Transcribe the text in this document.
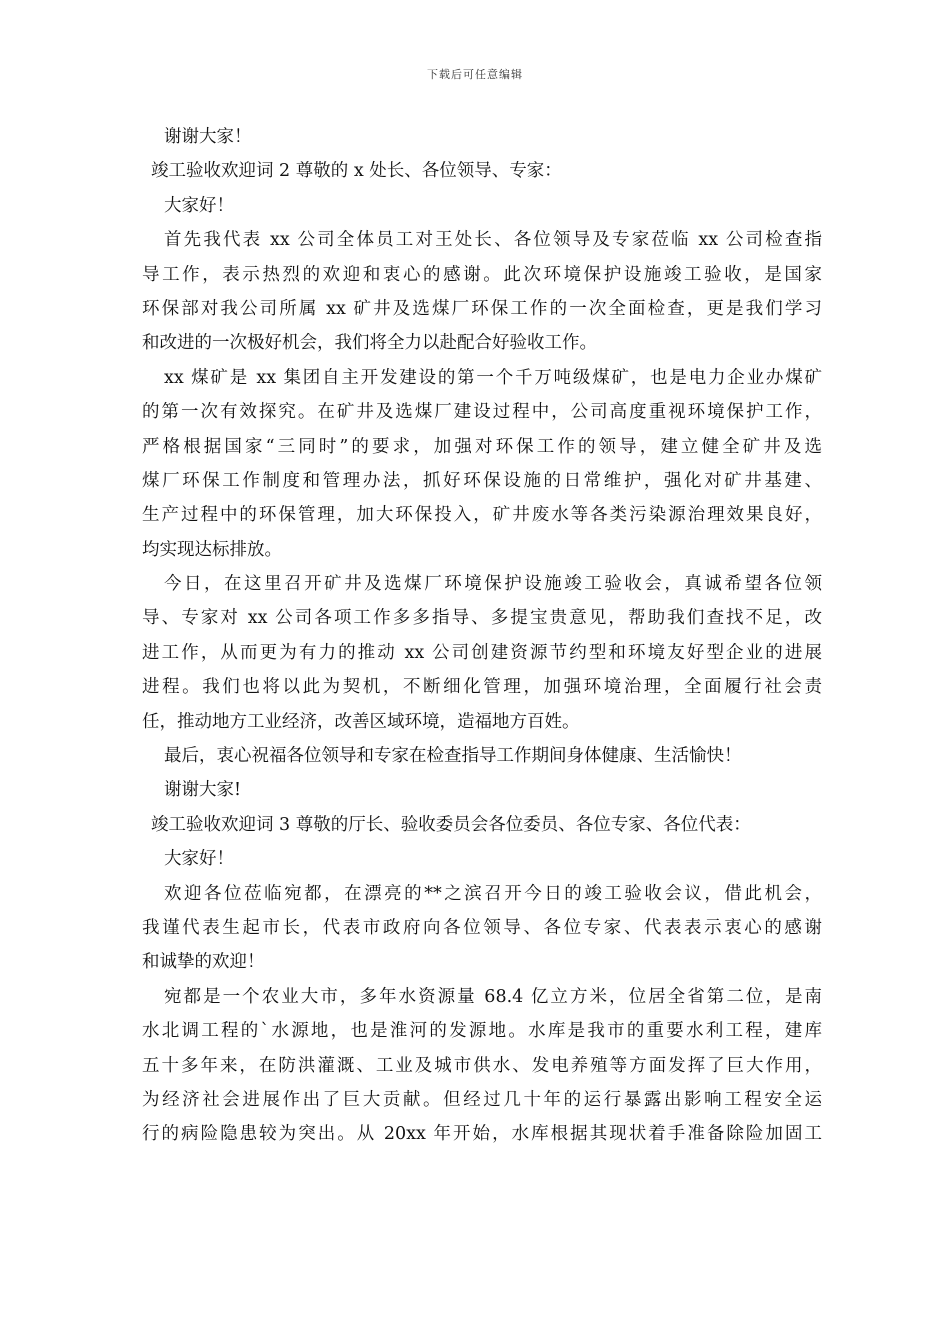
下载后可任意编辑
谢谢大家！
竣工验收欢迎词 2 尊敬的 x 处长、各位领导、专家：
大家好！
首先我代表 xx 公司全体员工对王处长、各位领导及专家莅临 xx 公司检查指
导工作，表示热烈的欢迎和衷心的感谢。此次环境保护设施竣工验收，是国家
环保部对我公司所属 xx 矿井及选煤厂环保工作的一次全面检查，更是我们学习
和改进的一次极好机会，我们将全力以赴配合好验收工作。
xx 煤矿是 xx 集团自主开发建设的第一个千万吨级煤矿，也是电力企业办煤矿
的第一次有效探究。在矿井及选煤厂建设过程中，公司高度重视环境保护工作，
严格根据国家“三同时”的要求，加强对环保工作的领导，建立健全矿井及选
煤厂环保工作制度和管理办法，抓好环保设施的日常维护，强化对矿井基建、
生产过程中的环保管理，加大环保投入，矿井废水等各类污染源治理效果良好，
均实现达标排放。
今日，在这里召开矿井及选煤厂环境保护设施竣工验收会，真诚希望各位领
导、专家对 xx 公司各项工作多多指导、多提宝贵意见，帮助我们查找不足，改
进工作，从而更为有力的推动 xx 公司创建资源节约型和环境友好型企业的进展
进程。我们也将以此为契机，不断细化管理，加强环境治理，全面履行社会责
任，推动地方工业经济，改善区域环境，造福地方百姓。
最后，衷心祝福各位领导和专家在检查指导工作期间身体健康、生活愉快！
谢谢大家!
竣工验收欢迎词 3 尊敬的厅长、验收委员会各位委员、各位专家、各位代表：
大家好！
欢迎各位莅临宛都，在漂亮的**之滨召开今日的竣工验收会议，借此机会，
我谨代表生起市长，代表市政府向各位领导、各位专家、代表表示衷心的感谢
和诚挚的欢迎！
宛都是一个农业大市，多年水资源量 68.4 亿立方米，位居全省第二位，是南
水北调工程的`水源地，也是淮河的发源地。水库是我市的重要水利工程，建库
五十多年来，在防洪灌溉、工业及城市供水、发电养殖等方面发挥了巨大作用，
为经济社会进展作出了巨大贡献。但经过几十年的运行暴露出影响工程安全运
行的病险隐患较为突出。从 20xx 年开始，水库根据其现状着手准备除险加固工
